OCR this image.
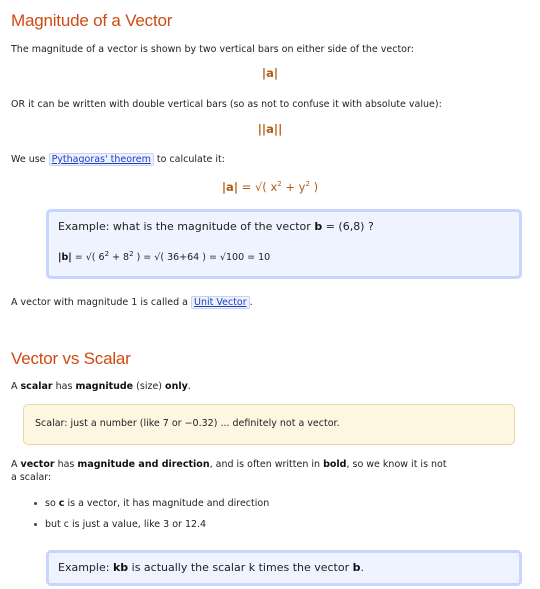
Magnitude of a Vector
The magnitude of a vector is shown by two vertical bars on either side of the vector:
|a|
OR it can be written with double vertical bars (so as not to confuse it with absolute value):
||a||
We use Pythagoras' theorem to calculate it:
|a| = √( $x^2 + y^2$ )
Example: what is the magnitude of the vector b = (6,8) ?
|b| = √( $6^2 + 8^2$ ) = √( 36+64 ) = √100 = 10
A vector with magnitude 1 is called a Unit Vector .
Vector vs Scalar
A scalar has magnitude (size) only.
Scalar: just a number (like 7 or −0.32) ... definitely not a vector.
A vector has magnitude and direction, and is often written in bold, so we know it is not
a scalar:
so c is a vector, it has magnitude and direction
but c is just a value, like 3 or 12.4
Example: kb is actually the scalar k times the vector b.
